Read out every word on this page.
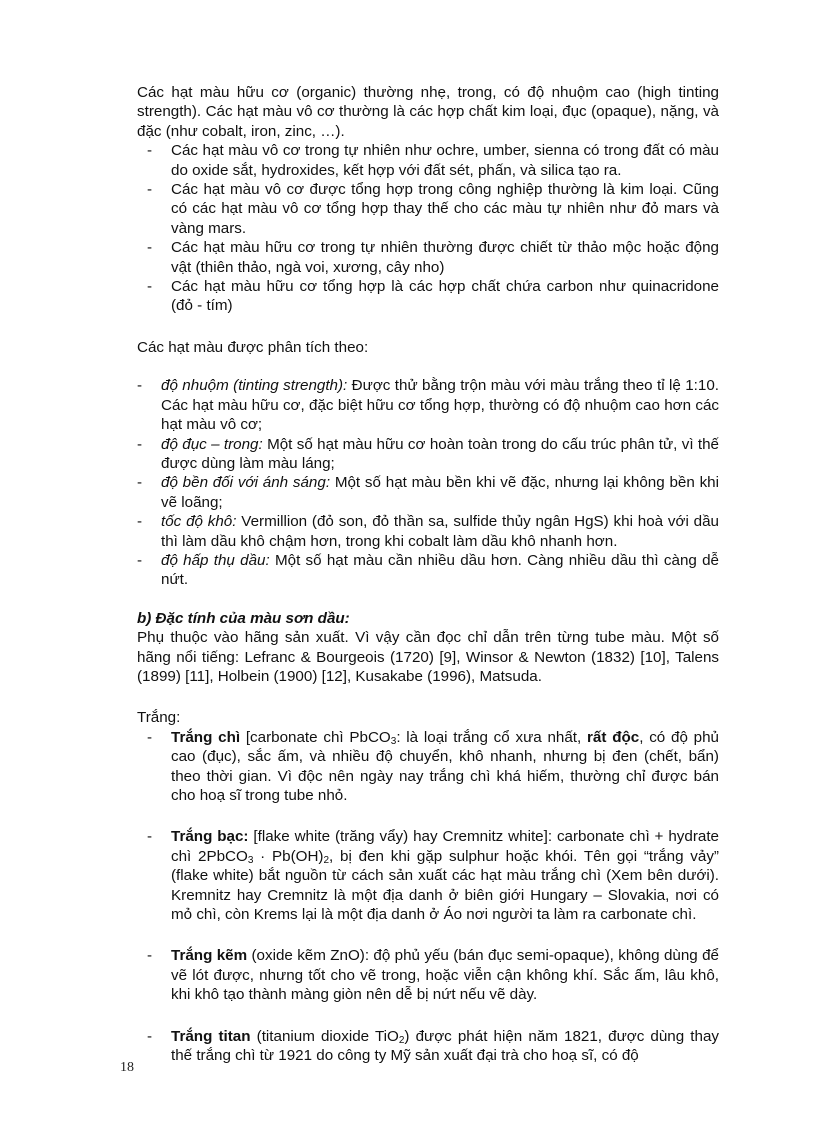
Các hạt màu hữu cơ (organic) thường nhẹ, trong, có độ nhuộm cao (high tinting strength). Các hạt màu vô cơ thường là các hợp chất kim loại, đục (opaque), nặng, và đặc (như cobalt, iron, zinc, …).

- Các hạt màu vô cơ trong tự nhiên như ochre, umber, sienna có trong đất có màu do oxide sắt, hydroxides, kết hợp với đất sét, phấn, và silica tạo ra.
- Các hạt màu vô cơ được tổng hợp trong công nghiệp thường là kim loại. Cũng có các hạt màu vô cơ tổng hợp thay thế cho các màu tự nhiên như đỏ mars và vàng mars.
- Các hạt màu hữu cơ trong tự nhiên thường được chiết từ thảo mộc hoặc động vật (thiên thảo, ngà voi, xương, cây nho)
- Các hạt màu hữu cơ tổng hợp là các hợp chất chứa carbon như quinacridone (đỏ - tím)

Các hạt màu được phân tích theo:

- độ nhuộm (tinting strength): Được thử bằng trộn màu với màu trắng theo tỉ lệ 1:10. Các hạt màu hữu cơ, đặc biệt hữu cơ tổng hợp, thường có độ nhuộm cao hơn các hạt màu vô cơ;
- độ đục – trong: Một số hạt màu hữu cơ hoàn toàn trong do cấu trúc phân tử, vì thế được dùng làm màu láng;
- độ bền đối với ánh sáng: Một số hạt màu bền khi vẽ đặc, nhưng lại không bền khi vẽ loãng;
- tốc độ khô: Vermillion (đỏ son, đỏ thần sa, sulfide thủy ngân HgS) khi hoà với dầu thì làm dầu khô chậm hơn, trong khi cobalt làm dầu khô nhanh hơn.
- độ hấp thụ dầu: Một số hạt màu cần nhiều dầu hơn. Càng nhiều dầu thì càng dễ nứt.

b) Đặc tính của màu sơn dầu:

Phụ thuộc vào hãng sản xuất. Vì vậy cần đọc chỉ dẫn trên từng tube màu. Một số hãng nổi tiếng: Lefranc & Bourgeois (1720) [9], Winsor & Newton (1832) [10], Talens (1899) [11], Holbein (1900) [12], Kusakabe (1996), Matsuda.

Trắng:

- Trắng chì [carbonate chì PbCO$_3$: là loại trắng cổ xưa nhất, rất độc, có độ phủ cao (đục), sắc ấm, và nhiều độ chuyển, khô nhanh, nhưng bị đen (chết, bẩn) theo thời gian. Vì độc nên ngày nay trắng chì khá hiếm, thường chỉ được bán cho hoạ sĩ trong tube nhỏ.
- Trắng bạc: [flake white (trăng vẩy) hay Cremnitz white]: carbonate chì + hydrate chì 2PbCO$_3$ · $Pb(OH)_2$, bị đen khi gặp sulphur hoặc khói. Tên gọi “trắng vảy” (flake white) bắt nguồn từ cách sản xuất các hạt màu trắng chì (Xem bên dưới). Kremnitz hay Cremnitz là một địa danh ở biên giới Hungary – Slovakia, nơi có mỏ chì, còn Krems lại là một địa danh ở Áo nơi người ta làm ra carbonate chì.
- Trắng kẽm (oxide kẽm ZnO): độ phủ yếu (bán đục semi-opaque), không dùng để vẽ lót được, nhưng tốt cho vẽ trong, hoặc viễn cận không khí. Sắc ấm, lâu khô, khi khô tạo thành màng giòn nên dễ bị nứt nếu vẽ dày.
- Trắng titan (titanium dioxide TiO$_2$) được phát hiện năm 1821, được dùng thay thế trắng chì từ 1921 do công ty Mỹ sản xuất đại trà cho hoạ sĩ, có độ
18
